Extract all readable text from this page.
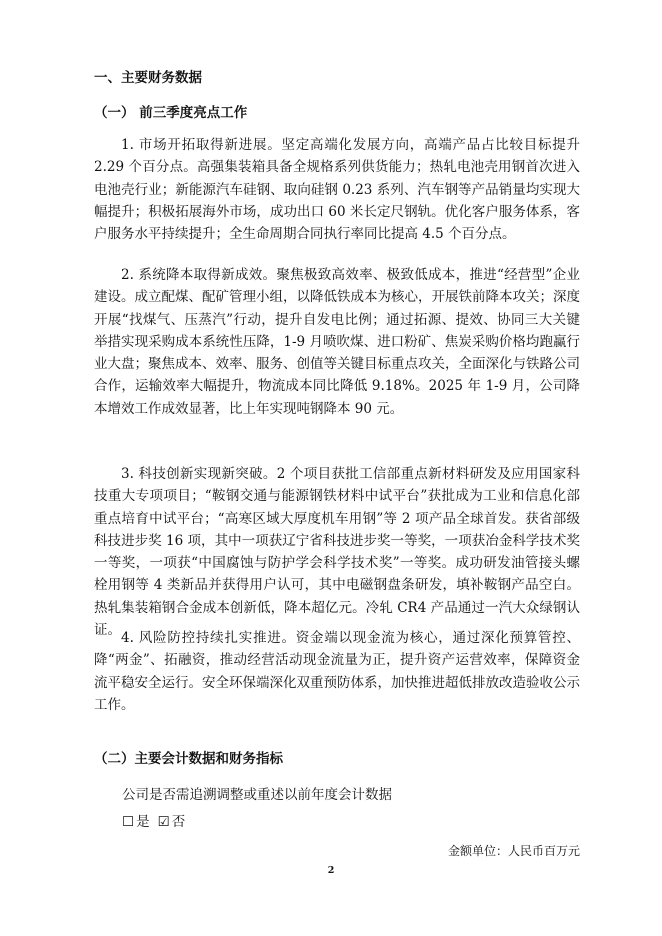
一、主要财务数据
（一） 前三季度亮点工作

1. 市场开拓取得新进展。坚定高端化发展方向，高端产品占比较目标提升 2.29 个百分点。高强集装箱具备全规格系列供货能力；热轧电池壳用钢首次进入电池壳行业；新能源汽车硅钢、取向硅钢 0.23 系列、汽车钢等产品销量均实现大幅提升；积极拓展海外市场，成功出口 60 米长定尺钢轨。优化客户服务体系，客户服务水平持续提升；全生命周期合同执行率同比提高 4.5 个百分点。

2. 系统降本取得新成效。聚焦极致高效率、极致低成本，推进“经营型”企业建设。成立配煤、配矿管理小组，以降低铁成本为核心，开展铁前降本攻关；深度开展“找煤气、压蒸汽”行动，提升自发电比例；通过拓源、提效、协同三大关键举措实现采购成本系统性压降，1-9 月喷吹煤、进口粉矿、焦炭采购价格均跑赢行业大盘；聚焦成本、效率、服务、创值等关键目标重点攻关，全面深化与铁路公司合作，运输效率大幅提升，物流成本同比降低 9.18%。2025 年 1-9 月，公司降本增效工作成效显著，比上年实现吨钢降本 90 元。

3. 科技创新实现新突破。2 个项目获批工信部重点新材料研发及应用国家科技重大专项项目；“鞍钢交通与能源钢铁材料中试平台”获批成为工业和信息化部重点培育中试平台；“高寒区域大厚度机车用钢”等 2 项产品全球首发。获省部级科技进步奖 16 项，其中一项获辽宁省科技进步奖一等奖，一项获冶金科学技术奖一等奖，一项获“中国腐蚀与防护学会科学技术奖”一等奖。成功研发油管接头螺栓用钢等 4 类新品并获得用户认可，其中电磁钢盘条研发，填补鞍钢产品空白。热轧集装箱钢合金成本创新低，降本超亿元。冷轧 CR4 产品通过一汽大众绿钢认证。 4. 风险防控持续扎实推进。资金端以现金流为核心，通过深化预算管控、降“两金”、拓融资，推动经营活动现金流量为正，提升资产运营效率，保障资金流平稳安全运行。安全环保端深化双重预防体系，加快推进超低排放改造验收公示工作。

（二）主要会计数据和财务指标
公司是否需追溯调整或重述以前年度会计数据
☐ 是 ☑ 否
金额单位：人民币百万元
2
